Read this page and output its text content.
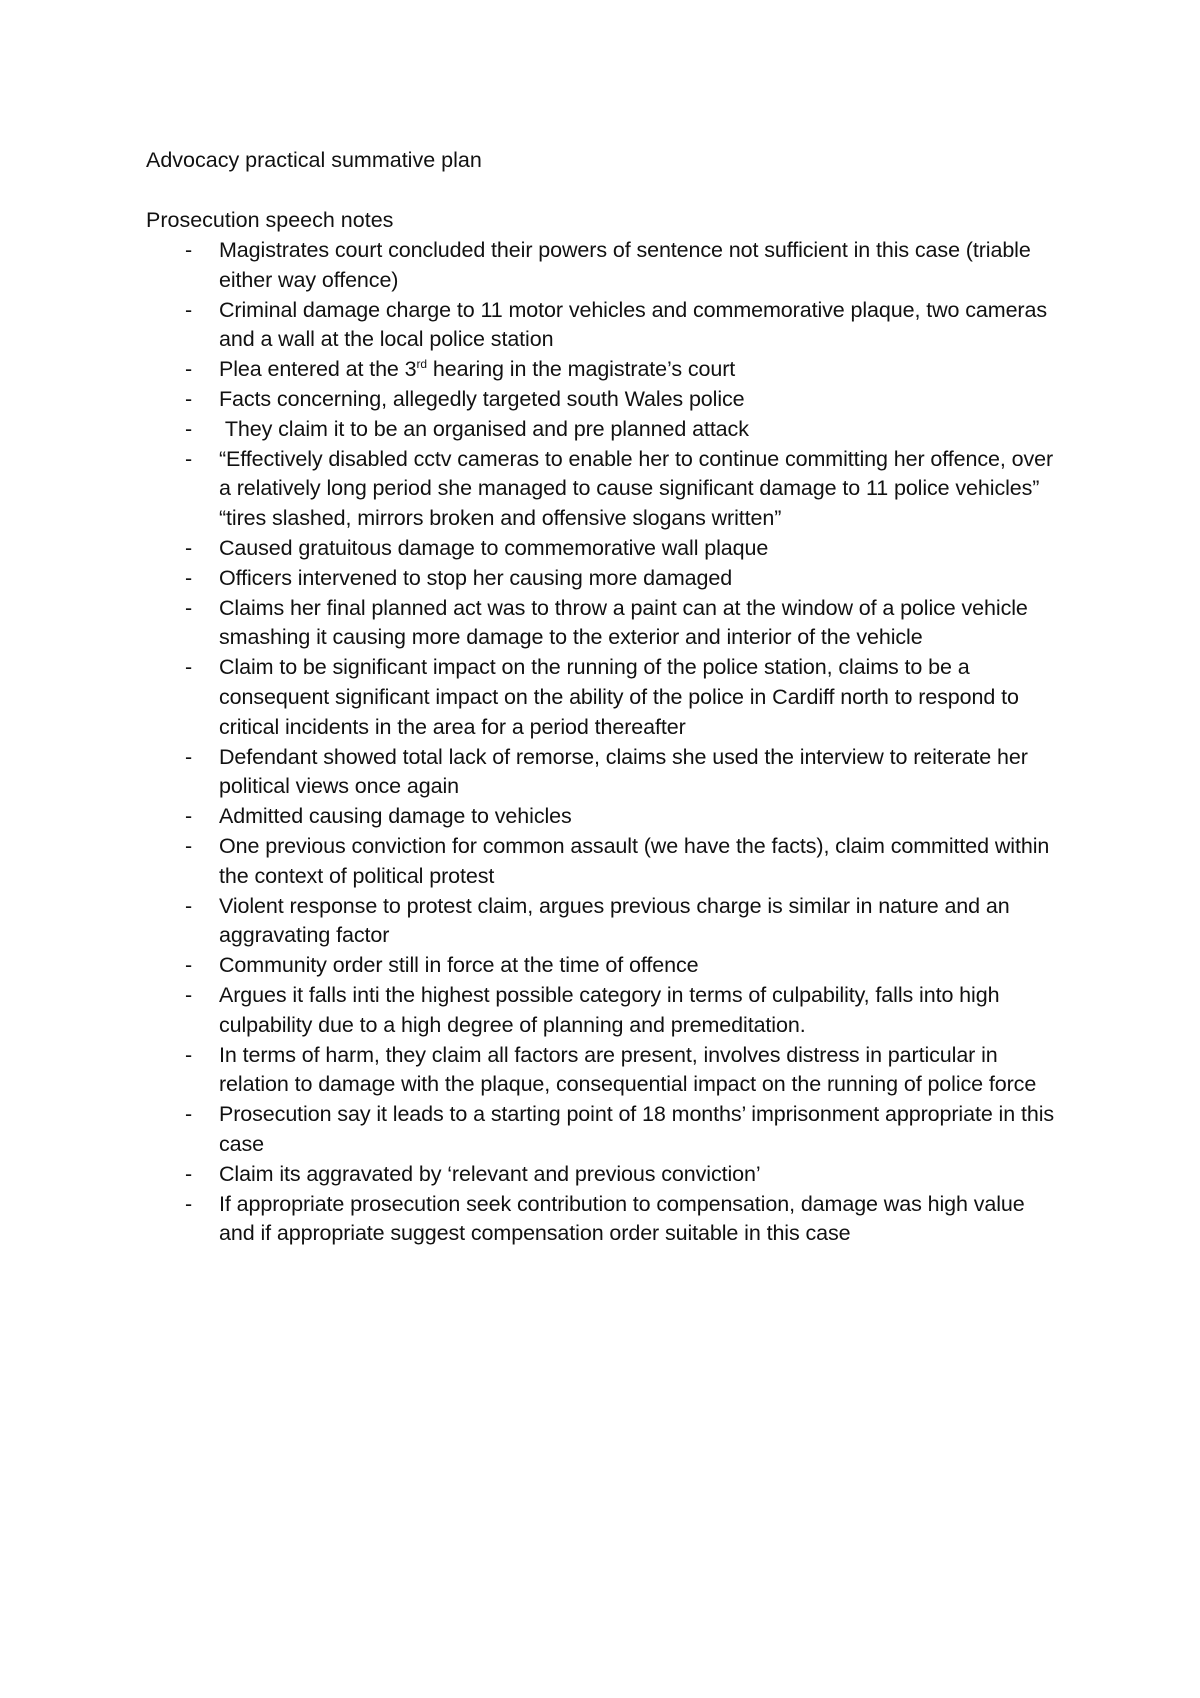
Advocacy practical summative plan

Prosecution speech notes

- Magistrates court concluded their powers of sentence not sufficient in this case (triable either way offence)
- Criminal damage charge to 11 motor vehicles and commemorative plaque, two cameras and a wall at the local police station
- Plea entered at the 3rd hearing in the magistrate’s court
- Facts concerning, allegedly targeted south Wales police
- They claim it to be an organised and pre planned attack
- “Effectively disabled cctv cameras to enable her to continue committing her offence, over a relatively long period she managed to cause significant damage to 11 police vehicles” “tires slashed, mirrors broken and offensive slogans written”
- Caused gratuitous damage to commemorative wall plaque
- Officers intervened to stop her causing more damaged
- Claims her final planned act was to throw a paint can at the window of a police vehicle smashing it causing more damage to the exterior and interior of the vehicle
- Claim to be significant impact on the running of the police station, claims to be a consequent significant impact on the ability of the police in Cardiff north to respond to critical incidents in the area for a period thereafter
- Defendant showed total lack of remorse, claims she used the interview to reiterate her political views once again
- Admitted causing damage to vehicles
- One previous conviction for common assault (we have the facts), claim committed within the context of political protest
- Violent response to protest claim, argues previous charge is similar in nature and an aggravating factor
- Community order still in force at the time of offence
- Argues it falls inti the highest possible category in terms of culpability, falls into high culpability due to a high degree of planning and premeditation.
- In terms of harm, they claim all factors are present, involves distress in particular in relation to damage with the plaque, consequential impact on the running of police force
- Prosecution say it leads to a starting point of 18 months’ imprisonment appropriate in this case
- Claim its aggravated by ‘relevant and previous conviction’
- If appropriate prosecution seek contribution to compensation, damage was high value and if appropriate suggest compensation order suitable in this case
